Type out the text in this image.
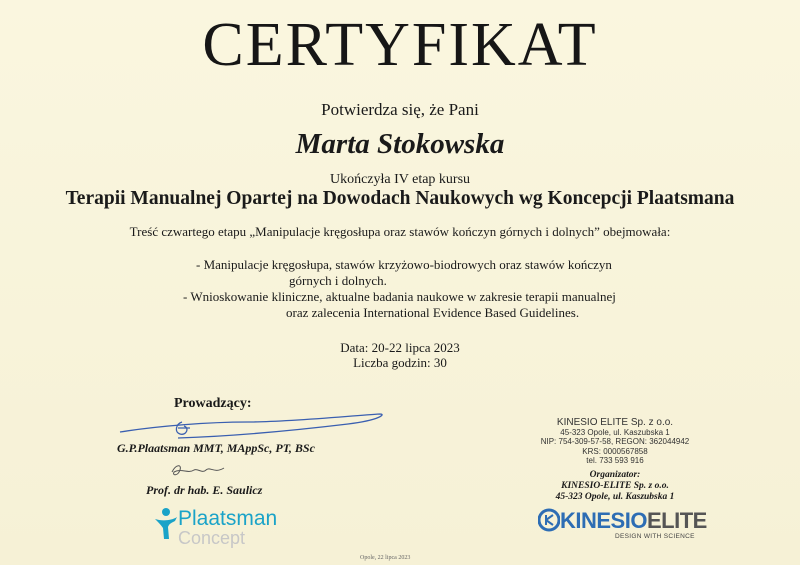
CERTYFIKAT
Potwierdza się, że Pani
Marta Stokowska
Ukończyła IV etap kursu
Terapii Manualnej Opartej na Dowodach Naukowych wg Koncepcji Plaatsmana
Treść czwartego etapu „Manipulacje kręgosłupa oraz stawów kończyn górnych i dolnych” obejmowała:
- Manipulacje kręgosłupa, stawów krzyżowo-biodrowych oraz stawów kończyn
górnych i dolnych.
- Wnioskowanie kliniczne, aktualne badania naukowe w zakresie terapii manualnej
oraz zalecenia International Evidence Based Guidelines.
Data: 20-22 lipca 2023
Liczba godzin: 30
Prowadzący:
G.P.Plaatsman MMT, MAppSc, PT, BSc
Prof. dr hab. E. Saulicz
Plaatsman
Concept
KINESIO ELITE Sp. z o.o.
45-323 Opole, ul. Kaszubska 1
NIP: 754-309-57-58, REGON: 362044942
KRS: 0000567858
tel. 733 593 916
Organizator:
KINESIO-ELITE Sp. z o.o.
45-323 Opole, ul. Kaszubska 1
KINESIOELITE
DESIGN WITH SCIENCE
Opole, 22 lipca 2023
